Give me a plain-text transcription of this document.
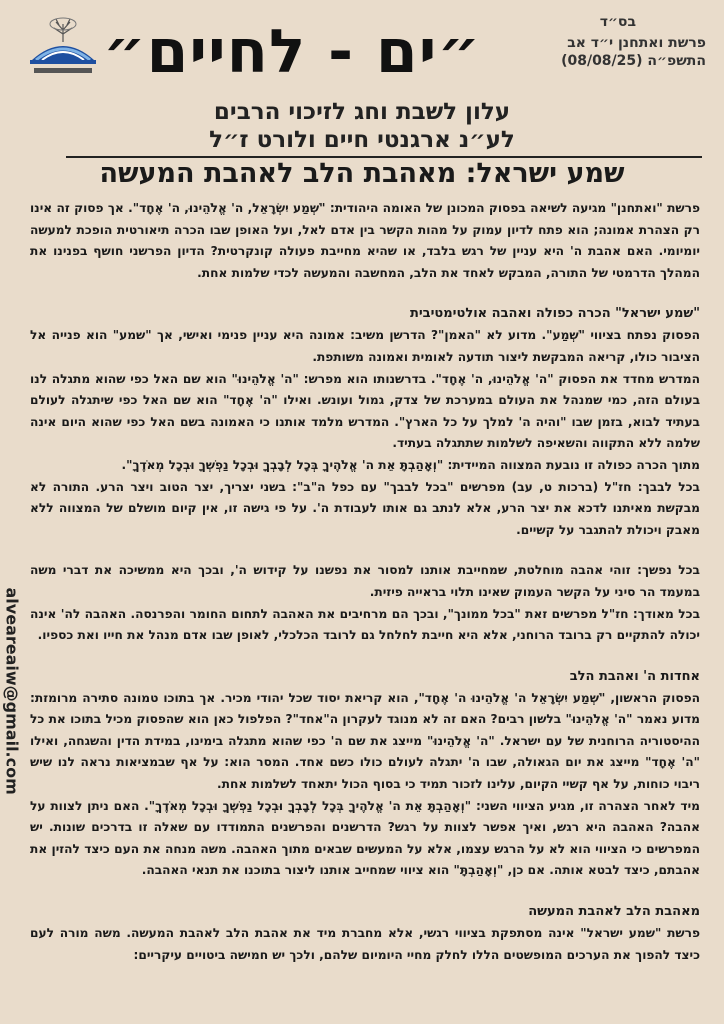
בס״ד
פרשת ואתחנן י״ד אב
התשפ״ה (08/08/25)
״ים - לחיים״
עלון לשבת וחג לזיכוי הרבים
לע״נ ארגנטי חיים ולורט ז״ל
שמע ישראל: מאהבת הלב לאהבת המעשה
alveareaiw@gmail.com

פרשת "ואתחנן" מגיעה לשיאה בפסוק המכונן של האומה היהודית: "שְׁמַע יִשְׂרָאֵל, ה' אֱלֹהֵינוּ, ה' אֶחָד". אך פסוק זה אינו רק הצהרת אמונה; הוא פתח לדיון עמוק על מהות הקשר בין אדם לאל, ועל האופן שבו הכרה תיאורטית הופכת למעשה יומיומי. האם אהבת ה' היא עניין של רגש בלבד, או שהיא מחייבת פעולה קונקרטית? הדיון הפרשני חושף בפנינו את המהלך הדרמטי של התורה, המבקש לאחד את הלב, המחשבה והמעשה לכדי שלמות אחת.

"שמע ישראל" הכרה כפולה ואהבה אולטימטיבית

הפסוק נפתח בציווי "שְׁמַע". מדוע לא "האמן"? הדרשן משיב: אמונה היא עניין פנימי ואישי, אך "שמע" הוא פנייה אל הציבור כולו, קריאה המבקשת ליצור תודעה לאומית ואמונה משותפת.

המדרש מחדד את הפסוק "ה' אֱלֹהֵינוּ, ה' אֶחָד". בדרשנותו הוא מפרש: "ה' אֱלֹהֵינוּ" הוא שם האל כפי שהוא מתגלה לנו בעולם הזה, כמי שמנהל את העולם במערכת של צדק, גמול ועונש. ואילו "ה' אֶחָד" הוא שם האל כפי שיתגלה לעולם בעתיד לבוא, בזמן שבו "והיה ה' למלך על כל הארץ". המדרש מלמד אותנו כי האמונה בשם האל כפי שהוא היום אינה שלמה ללא התקווה והשאיפה לשלמות שתתגלה בעתיד.

מתוך הכרה כפולה זו נובעת המצווה המיידית: "וְאָהַבְתָּ אֵת ה' אֱלֹהֶיךָ בְּכָל לְבָבְךָ וּבְכָל נַפְשְׁךָ וּבְכָל מְאֹדֶךָ".

בכל לבבך: חז"ל (ברכות ט, עב) מפרשים "בכל לבבך" עם כפל ה"ב": בשני יצריך, יצר הטוב ויצר הרע. התורה לא מבקשת מאיתנו לדכא את יצר הרע, אלא לנתב גם אותו לעבודת ה'. על פי גישה זו, אין קיום מושלם של המצווה ללא מאבק ויכולת להתגבר על קשיים.

בכל נפשך: זוהי אהבה מוחלטת, שמחייבת אותנו למסור את נפשנו על קידוש ה', ובכך היא ממשיכה את דברי משה במעמד הר סיני על הקשר העמוק שאינו תלוי בראייה פיזית.

בכל מאודך: חז"ל מפרשים זאת "בכל ממונך", ובכך הם מרחיבים את האהבה לתחום החומר והפרנסה. האהבה לה' אינה יכולה להתקיים רק ברובד הרוחני, אלא היא חייבת לחלחל גם לרובד הכלכלי, לאופן שבו אדם מנהל את חייו ואת כספיו.

אחדות ה' ואהבת הלב

הפסוק הראשון, "שְׁמַע יִשְׂרָאֵל ה' אֱלֹהֵינוּ ה' אֶחָד", הוא קריאת יסוד שכל יהודי מכיר. אך בתוכו טמונה סתירה מרומזת: מדוע נאמר "ה' אֱלֹהֵינוּ" בלשון רבים? האם זה לא מנוגד לעקרון ה"אחד"? הפלפול כאן הוא שהפסוק מכיל בתוכו את כל ההיסטוריה הרוחנית של עם ישראל. "ה' אֱלֹהֵינוּ" מייצג את שם ה' כפי שהוא מתגלה בימינו, במידת הדין והשגחה, ואילו "ה' אֶחָד" מייצג את יום הגאולה, שבו ה' יתגלה לעולם כולו כשם אחד. המסר הוא: על אף שבמציאות נראה לנו שיש ריבוי כוחות, על אף קשיי הקיום, עלינו לזכור תמיד כי בסוף הכול יתאחד לשלמות אחת.

מיד לאחר הצהרה זו, מגיע הציווי השני: "וְאָהַבְתָּ אֵת ה' אֱלֹהֶיךָ בְּכָל לְבָבְךָ וּבְכָל נַפְשְׁךָ וּבְכָל מְאֹדֶךָ". האם ניתן לצוות על אהבה? האהבה היא רגש, ואיך אפשר לצוות על רגש? הדרשנים והפרשנים התמודדו עם שאלה זו בדרכים שונות. יש המפרשים כי הציווי הוא לא על הרגש עצמו, אלא על המעשים שבאים מתוך האהבה. משה מנחה את העם כיצד להזין את אהבתם, כיצד לבטא אותה. אם כן, "וְאָהַבְתָּ" הוא ציווי שמחייב אותנו ליצור בתוכנו את תנאי האהבה.

מאהבת הלב לאהבת המעשה

פרשת "שמע ישראל" אינה מסתפקת בציווי רגשי, אלא מחברת מיד את אהבת הלב לאהבת המעשה. משה מורה לעם כיצד להפוך את הערכים המופשטים הללו לחלק מחיי היומיום שלהם, ולכך יש חמישה ביטויים עיקריים:
